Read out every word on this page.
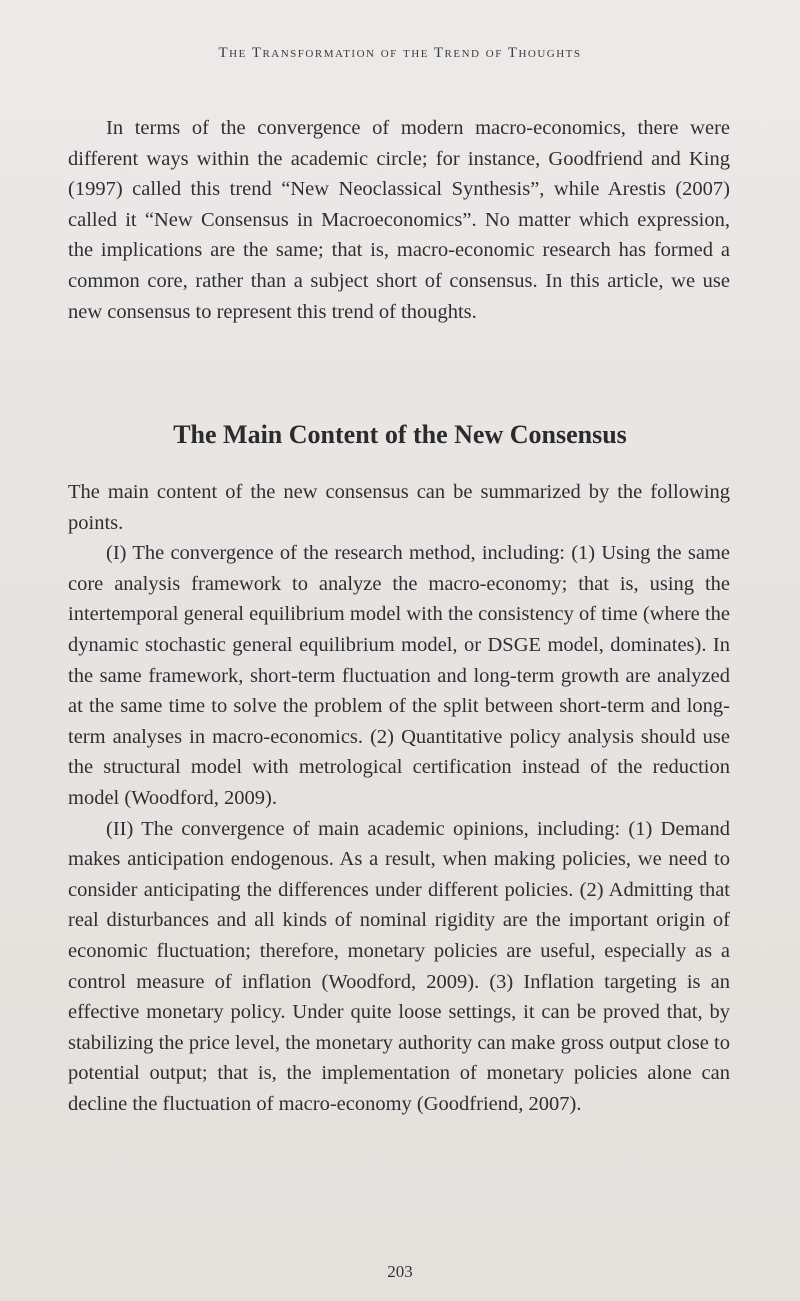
The Transformation of the Trend of Thoughts

In terms of the convergence of modern macro-economics, there were different ways within the academic circle; for instance, Goodfriend and King (1997) called this trend “New Neoclassical Synthesis”, while Arestis (2007) called it “New Consensus in Macroeconomics”. No matter which expression, the implications are the same; that is, macro-economic research has formed a common core, rather than a subject short of consensus. In this article, we use new consensus to represent this trend of thoughts.

The Main Content of the New Consensus

The main content of the new consensus can be summarized by the following points.

(I) The convergence of the research method, including: (1) Using the same core analysis framework to analyze the macro-economy; that is, using the intertemporal general equilibrium model with the consistency of time (where the dynamic stochastic general equilibrium model, or DSGE model, dominates). In the same framework, short-term fluctuation and long-term growth are analyzed at the same time to solve the problem of the split between short-term and long-term analyses in macro-economics. (2) Quantitative policy analysis should use the structural model with metrological certification instead of the reduction model (Woodford, 2009).

(II) The convergence of main academic opinions, including: (1) Demand makes anticipation endogenous. As a result, when making policies, we need to consider anticipating the differences under different policies. (2) Admitting that real disturbances and all kinds of nominal rigidity are the important origin of economic fluctuation; therefore, monetary policies are useful, especially as a control measure of inflation (Woodford, 2009). (3) Inflation targeting is an effective monetary policy. Under quite loose settings, it can be proved that, by stabilizing the price level, the monetary authority can make gross output close to potential output; that is, the implementation of monetary policies alone can decline the fluctuation of macro-economy (Goodfriend, 2007).

203
